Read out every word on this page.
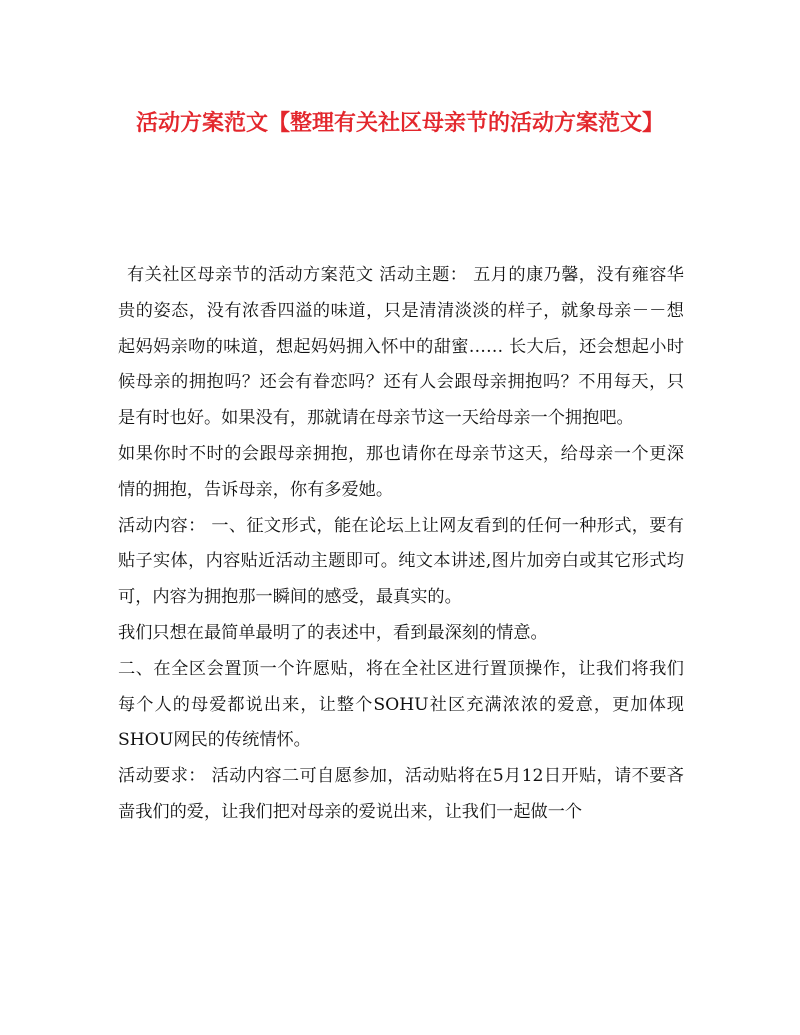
活动方案范文【整理有关社区母亲节的活动方案范文】

有关社区母亲节的活动方案范文 活动主题： 五月的康乃馨，没有雍容华贵的姿态，没有浓香四溢的味道，只是清清淡淡的样子，就象母亲－－想起妈妈亲吻的味道，想起妈妈拥入怀中的甜蜜…… 长大后，还会想起小时候母亲的拥抱吗？还会有眷恋吗？还有人会跟母亲拥抱吗？不用每天，只是有时也好。如果没有，那就请在母亲节这一天给母亲一个拥抱吧。

如果你时不时的会跟母亲拥抱，那也请你在母亲节这天，给母亲一个更深情的拥抱，告诉母亲，你有多爱她。

活动内容： 一、征文形式，能在论坛上让网友看到的任何一种形式，要有贴子实体，内容贴近活动主题即可。纯文本讲述,图片加旁白或其它形式均可，内容为拥抱那一瞬间的感受，最真实的。

我们只想在最简单最明了的表述中，看到最深刻的情意。

二、在全区会置顶一个许愿贴，将在全社区进行置顶操作，让我们将我们每个人的母爱都说出来，让整个SOHU社区充满浓浓的爱意，更加体现SHOU网民的传统情怀。

活动要求： 活动内容二可自愿参加，活动贴将在5月12日开贴，请不要吝啬我们的爱，让我们把对母亲的爱说出来，让我们一起做一个
